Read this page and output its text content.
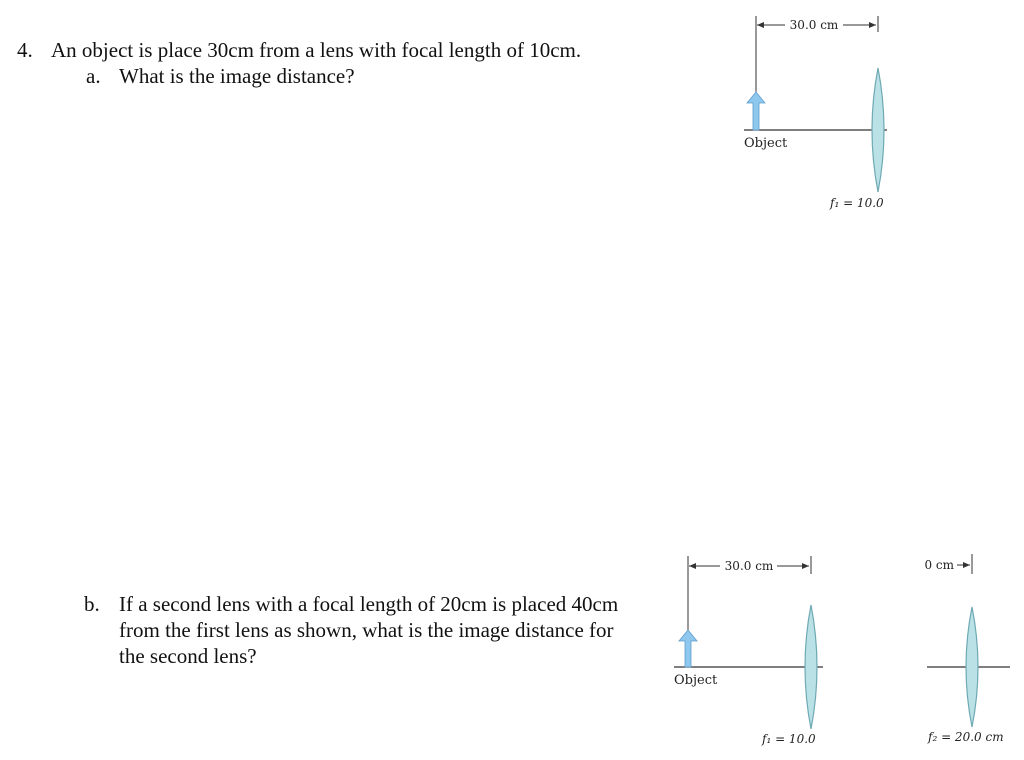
4. An object is place 30cm from a lens with focal length of 10cm.
a. What is the image distance?
b. If a second lens with a focal length of 20cm is placed 40cm from the first lens as shown, what is the image distance for the second lens?
30.0 cm
Object
f₁ = 10.0
30.0 cm	0 cm
Object
f₁ = 10.0	f₂ = 20.0 cm
